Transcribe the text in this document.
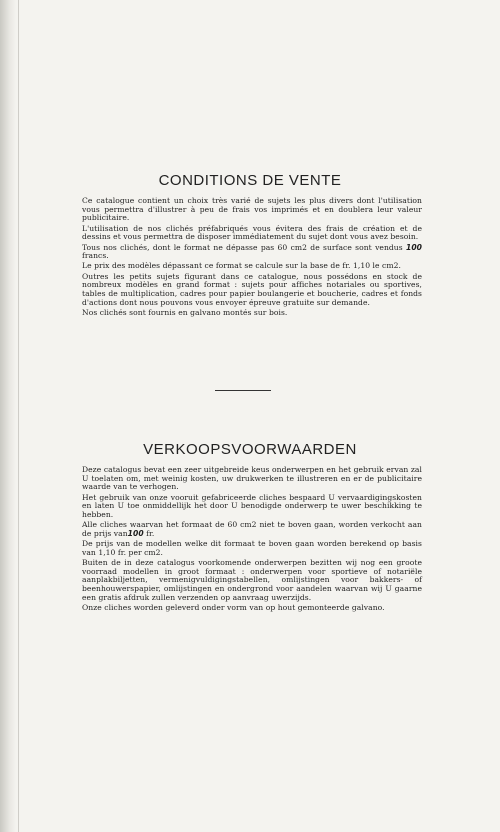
CONDITIONS DE VENTE

Ce catalogue contient un choix très varié de sujets les plus divers dont l'utilisation vous permettra d'illustrer à peu de frais vos imprimés et en doublera leur valeur publicitaire.

L'utilisation de nos clichés préfabriqués vous évitera des frais de création et de dessins et vous permettra de disposer immédiatement du sujet dont vous avez besoin.

Tous nos clichés, dont le format ne dépasse pas 60 cm2 de surface sont vendus 100 francs.

Le prix des modèles dépassant ce format se calcule sur la base de fr. 1,10 le cm2.

Outres les petits sujets figurant dans ce catalogue, nous possédons en stock de nombreux modèles en grand format : sujets pour affiches notariales ou sportives, tables de multiplication, cadres pour papier boulangerie et boucherie, cadres et fonds d'actions dont nous pouvons vous envoyer épreuve gratuite sur demande.

Nos clichés sont fournis en galvano montés sur bois.

VERKOOPSVOORWAARDEN

Deze catalogus bevat een zeer uitgebreide keus onderwerpen en het gebruik ervan zal U toelaten om, met weinig kosten, uw drukwerken te illustreren en er de publicitaire waarde van te verhogen.

Het gebruik van onze vooruit gefabriceerde cliches bespaard U vervaardigingskosten en laten U toe onmiddellijk het door U benodigde onderwerp te uwer beschikking te hebben.

Alle cliches waarvan het formaat de 60 cm2 niet te boven gaan, worden verkocht aan de prijs van100 fr.

De prijs van de modellen welke dit formaat te boven gaan worden berekend op basis van 1,10 fr. per cm2.

Buiten de in deze catalogus voorkomende onderwerpen bezitten wij nog een groote voorraad modellen in groot formaat : onderwerpen voor sportieve of notariële aanplakbiljetten, vermenigvuldigingstabellen, omlijstingen voor bakkers- of beenhouwerspapier, omlijstingen en ondergrond voor aandelen waarvan wij U gaarne een gratis afdruk zullen verzenden op aanvraag uwerzijds.

Onze cliches worden geleverd onder vorm van op hout gemonteerde galvano.
